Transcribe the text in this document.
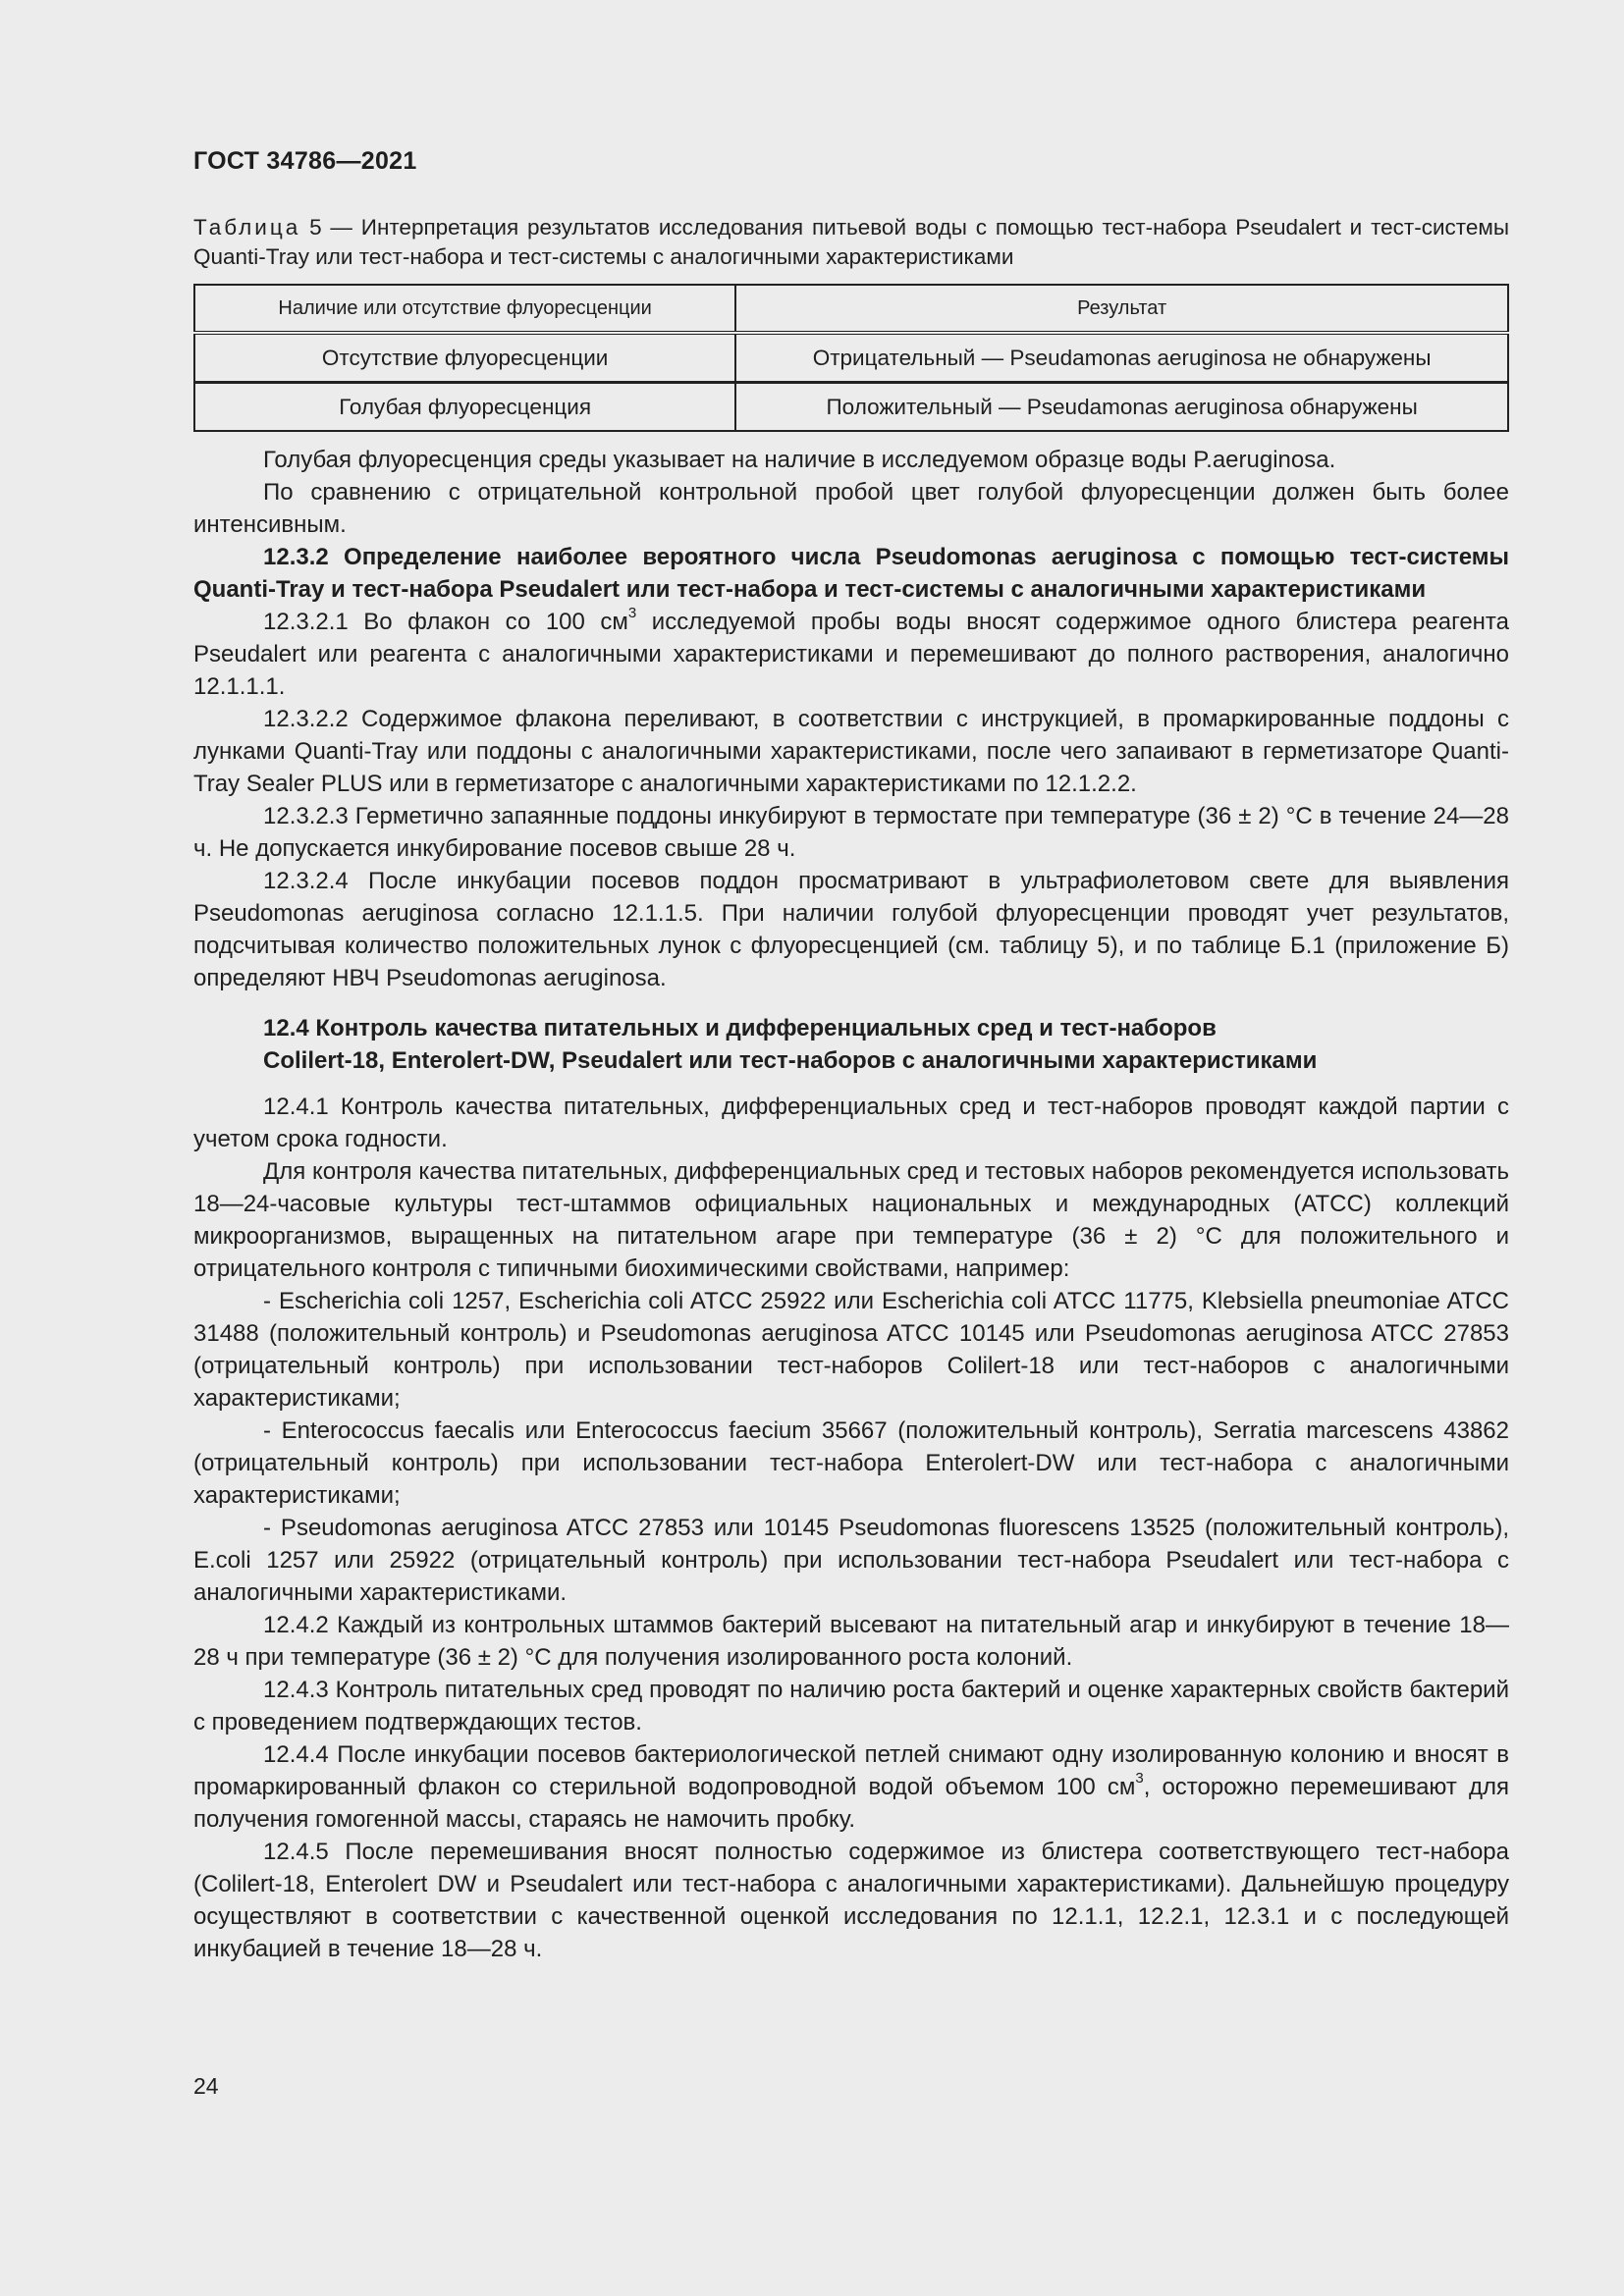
ГОСТ 34786—2021
Таблица 5 — Интерпретация результатов исследования питьевой воды с помощью тест-набора Pseudalert и тест-системы Quanti-Tray или тест-набора и тест-системы с аналогичными характеристиками
Наличие или отсутствие флуоресценции	Результат
Отсутствие флуоресценции	Отрицательный — Pseudamonas aeruginosa не обнаружены
Голубая флуоресценция	Положительный — Pseudamonas aeruginosa обнаружены

Голубая флуоресценция среды указывает на наличие в исследуемом образце воды P.aeruginosa.

По сравнению с отрицательной контрольной пробой цвет голубой флуоресценции должен быть более интенсивным.

12.3.2 Определение наиболее вероятного числа Pseudomonas aeruginosa с помощью тест-системы Quanti-Tray и тест-набора Pseudalert или тест-набора и тест-системы с аналогичными характеристиками

12.3.2.1 Во флакон со 100 $см^3$ исследуемой пробы воды вносят содержимое одного блистера реагента Pseudalert или реагента с аналогичными характеристиками и перемешивают до полного растворения, аналогично 12.1.1.1.

12.3.2.2 Содержимое флакона переливают, в соответствии с инструкцией, в промаркированные поддоны с лунками Quanti-Tray или поддоны с аналогичными характеристиками, после чего запаивают в герметизаторе Quanti-Tray Sealer PLUS или в герметизаторе с аналогичными характеристиками по 12.1.2.2.

12.3.2.3 Герметично запаянные поддоны инкубируют в термостате при температуре (36 ± 2) °С в течение 24—28 ч. Не допускается инкубирование посевов свыше 28 ч.

12.3.2.4 После инкубации посевов поддон просматривают в ультрафиолетовом свете для выявления Pseudomonas aeruginosa согласно 12.1.1.5. При наличии голубой флуоресценции проводят учет результатов, подсчитывая количество положительных лунок с флуоресценцией (см. таблицу 5), и по таблице Б.1 (приложение Б) определяют НВЧ Pseudomonas aeruginosa.

12.4 Контроль качества питательных и дифференциальных сред и тест-наборов
Colilert-18, Enterolert-DW, Pseudalert или тест-наборов с аналогичными характеристиками

12.4.1 Контроль качества питательных, дифференциальных сред и тест-наборов проводят каждой партии с учетом срока годности.

Для контроля качества питательных, дифференциальных сред и тестовых наборов рекомендуется использовать 18—24-часовые культуры тест-штаммов официальных национальных и международных (АТСС) коллекций микроорганизмов, выращенных на питательном агаре при температуре (36 ± 2) °С для положительного и отрицательного контроля с типичными биохимическими свойствами, например:

- Escherichia coli 1257, Escherichia coli ATCC 25922 или Escherichia coli ATCC 11775, Klebsiella pneumoniae ATCC 31488 (положительный контроль) и Pseudomonas aeruginosa ATCC 10145 или Pseudomonas aeruginosa ATCC 27853 (отрицательный контроль) при использовании тест-наборов Colilert-18 или тест-наборов с аналогичными характеристиками;

- Enterococcus faecalis или Enterococcus faecium 35667 (положительный контроль), Serratia marcescens 43862 (отрицательный контроль) при использовании тест-набора Enterolert-DW или тест-набора с аналогичными характеристиками;

- Pseudomonas aeruginosa ATCC 27853 или 10145 Pseudomonas fluorescens 13525 (положительный контроль), E.coli 1257 или 25922 (отрицательный контроль) при использовании тест-набора Pseudalert или тест-набора с аналогичными характеристиками.

12.4.2 Каждый из контрольных штаммов бактерий высевают на питательный агар и инкубируют в течение 18—28 ч при температуре (36 ± 2) °С для получения изолированного роста колоний.

12.4.3 Контроль питательных сред проводят по наличию роста бактерий и оценке характерных свойств бактерий с проведением подтверждающих тестов.

12.4.4 После инкубации посевов бактериологической петлей снимают одну изолированную колонию и вносят в промаркированный флакон со стерильной водопроводной водой объемом 100 $см^3$, осторожно перемешивают для получения гомогенной массы, стараясь не намочить пробку.

12.4.5 После перемешивания вносят полностью содержимое из блистера соответствующего тест-набора (Colilert-18, Enterolert DW и Pseudalert или тест-набора с аналогичными характеристиками). Дальнейшую процедуру осуществляют в соответствии с качественной оценкой исследования по 12.1.1, 12.2.1, 12.3.1 и с последующей инкубацией в течение 18—28 ч.

24
